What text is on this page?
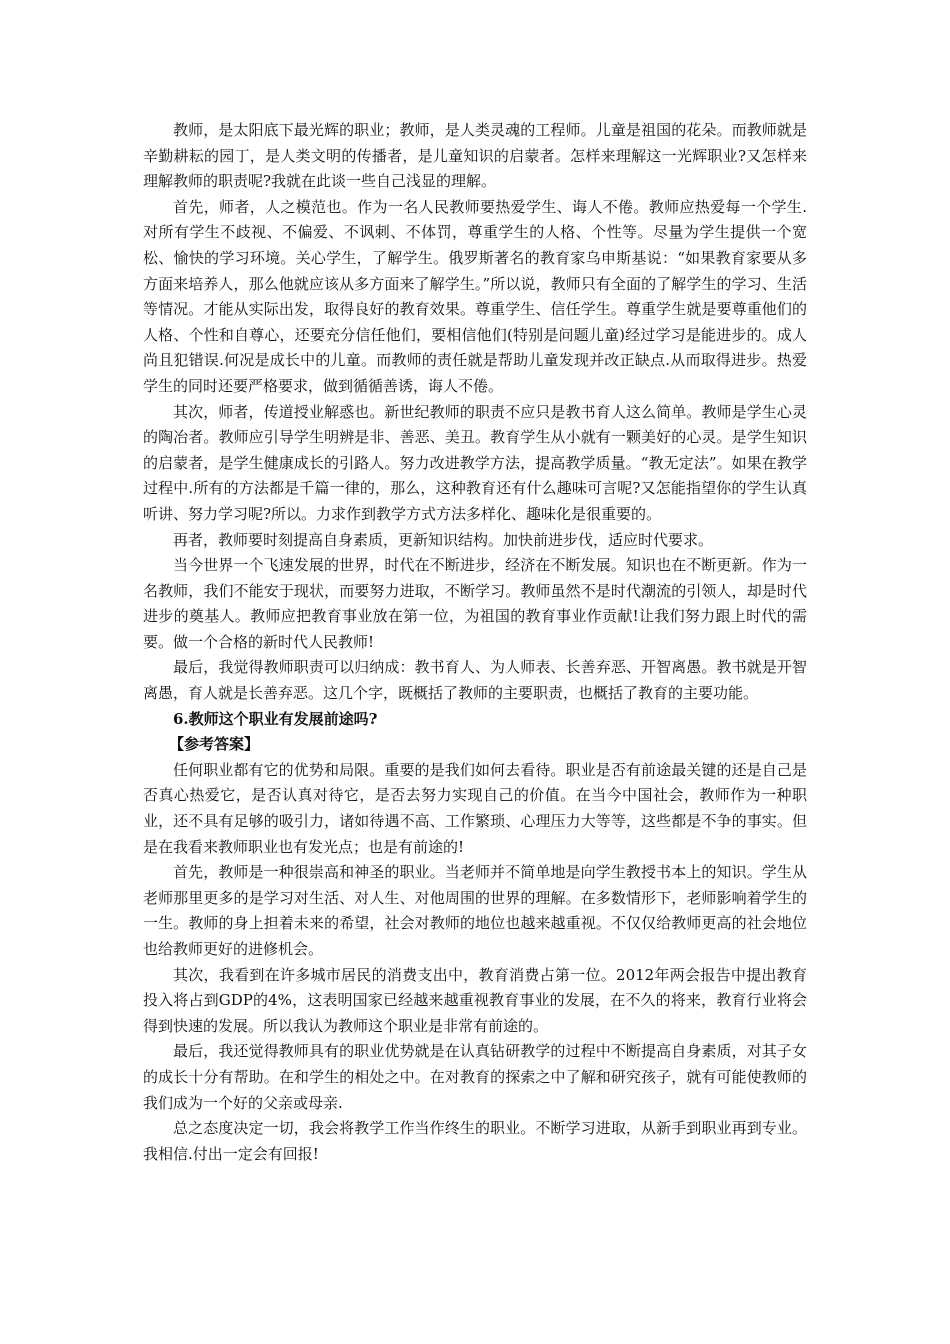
教师，是太阳底下最光辉的职业；教师，是人类灵魂的工程师。儿童是祖国的花朵。而教师就是辛勤耕耘的园丁，是人类文明的传播者，是儿童知识的启蒙者。怎样来理解这一光辉职业?又怎样来理解教师的职责呢?我就在此谈一些自己浅显的理解。

首先，师者，人之模范也。作为一名人民教师要热爱学生、诲人不倦。教师应热爱每一个学生.对所有学生不歧视、不偏爱、不讽刺、不体罚，尊重学生的人格、个性等。尽量为学生提供一个宽松、愉快的学习环境。关心学生，了解学生。俄罗斯著名的教育家乌申斯基说：“如果教育家要从多方面来培养人，那么他就应该从多方面来了解学生。”所以说，教师只有全面的了解学生的学习、生活等情况。才能从实际出发，取得良好的教育效果。尊重学生、信任学生。尊重学生就是要尊重他们的人格、个性和自尊心，还要充分信任他们，要相信他们(特别是问题儿童)经过学习是能进步的。成人尚且犯错误.何况是成长中的儿童。而教师的责任就是帮助儿童发现并改正缺点.从而取得进步。热爱学生的同时还要严格要求，做到循循善诱，诲人不倦。

其次，师者，传道授业解惑也。新世纪教师的职责不应只是教书育人这么简单。教师是学生心灵的陶冶者。教师应引导学生明辨是非、善恶、美丑。教育学生从小就有一颗美好的心灵。是学生知识的启蒙者，是学生健康成长的引路人。努力改进教学方法，提高教学质量。“教无定法”。如果在教学过程中.所有的方法都是千篇一律的，那么，这种教育还有什么趣味可言呢?又怎能指望你的学生认真听讲、努力学习呢?所以。力求作到教学方式方法多样化、趣味化是很重要的。

再者，教师要时刻提高自身素质，更新知识结构。加快前进步伐，适应时代要求。

当今世界一个飞速发展的世界，时代在不断进步，经济在不断发展。知识也在不断更新。作为一名教师，我们不能安于现状，而要努力进取，不断学习。教师虽然不是时代潮流的引领人，却是时代进步的奠基人。教师应把教育事业放在第一位，为祖国的教育事业作贡献!让我们努力跟上时代的需要。做一个合格的新时代人民教师!

最后，我觉得教师职责可以归纳成：教书育人、为人师表、长善弃恶、开智离愚。教书就是开智离愚，育人就是长善弃恶。这几个字，既概括了教师的主要职责，也概括了教育的主要功能。

6.教师这个职业有发展前途吗?

【参考答案】

任何职业都有它的优势和局限。重要的是我们如何去看待。职业是否有前途最关键的还是自己是否真心热爱它，是否认真对待它，是否去努力实现自己的价值。在当今中国社会，教师作为一种职业，还不具有足够的吸引力，诸如待遇不高、工作繁琐、心理压力大等等，这些都是不争的事实。但是在我看来教师职业也有发光点；也是有前途的!

首先，教师是一种很崇高和神圣的职业。当老师并不简单地是向学生教授书本上的知识。学生从老师那里更多的是学习对生活、对人生、对他周围的世界的理解。在多数情形下，老师影响着学生的一生。教师的身上担着未来的希望，社会对教师的地位也越来越重视。不仅仅给教师更高的社会地位也给教师更好的进修机会。

其次，我看到在许多城市居民的消费支出中，教育消费占第一位。2012年两会报告中提出教育投入将占到GDP的4%，这表明国家已经越来越重视教育事业的发展，在不久的将来，教育行业将会得到快速的发展。所以我认为教师这个职业是非常有前途的。

最后，我还觉得教师具有的职业优势就是在认真钻研教学的过程中不断提高自身素质，对其子女的成长十分有帮助。在和学生的相处之中。在对教育的探索之中了解和研究孩子，就有可能使教师的我们成为一个好的父亲或母亲.

总之态度决定一切，我会将教学工作当作终生的职业。不断学习进取，从新手到职业再到专业。我相信.付出一定会有回报!
